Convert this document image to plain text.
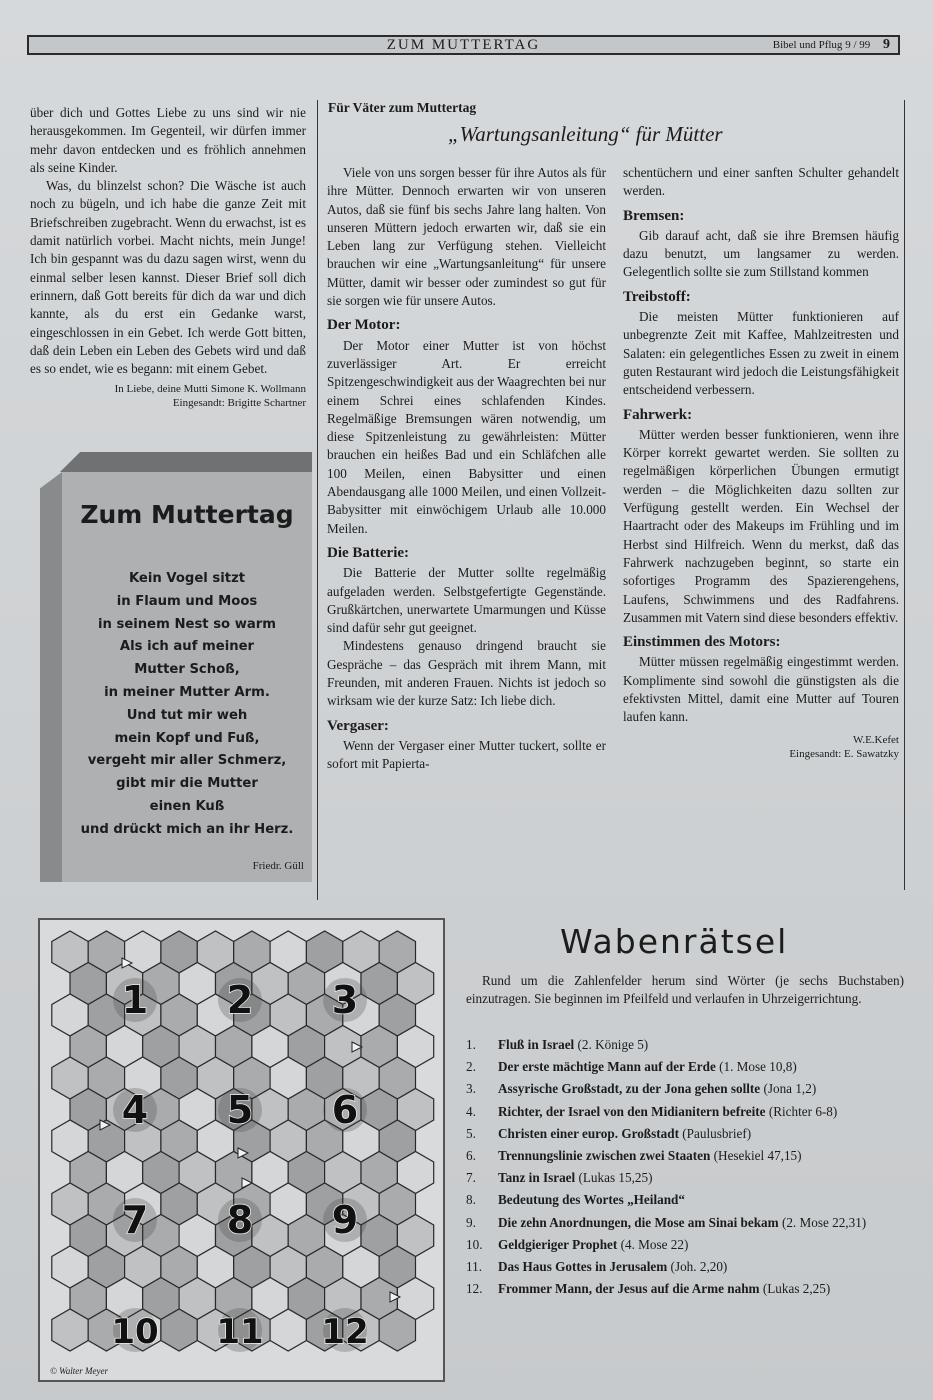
ZUM MUTTERTAG	Bibel und Pflug 9 / 99 9

über dich und Gottes Liebe zu uns sind wir nie herausgekommen. Im Gegenteil, wir dürfen immer mehr davon entdecken und es fröhlich annehmen als seine Kinder.

Was, du blinzelst schon? Die Wäsche ist auch noch zu bügeln, und ich habe die ganze Zeit mit Briefschreiben zugebracht. Wenn du erwachst, ist es damit natürlich vorbei. Macht nichts, mein Junge! Ich bin gespannt was du dazu sagen wirst, wenn du einmal selber lesen kannst. Dieser Brief soll dich erinnern, daß Gott bereits für dich da war und dich kannte, als du erst ein Gedanke warst, eingeschlossen in ein Gebet. Ich werde Gott bitten, daß dein Leben ein Leben des Gebets wird und daß es so endet, wie es begann: mit einem Gebet.

In Liebe, deine Mutti Simone K. Wollmann
Eingesandt: Brigitte Schartner
Zum Muttertag
Kein Vogel sitzt
in Flaum und Moos
in seinem Nest so warm
Als ich auf meiner
Mutter Schoß,
in meiner Mutter Arm.
Und tut mir weh
mein Kopf und Fuß,
vergeht mir aller Schmerz,
gibt mir die Mutter
einen Kuß
und drückt mich an ihr Herz.
Friedr. Güll
Für Väter zum Muttertag
„Wartungsanleitung“ für Mütter

Viele von uns sorgen besser für ihre Autos als für ihre Mütter. Dennoch erwarten wir von unseren Autos, daß sie fünf bis sechs Jahre lang halten. Von unseren Müttern jedoch erwarten wir, daß sie ein Leben lang zur Verfügung stehen. Vielleicht brauchen wir eine „Wartungsanleitung“ für unsere Mütter, damit wir besser oder zumindest so gut für sie sorgen wie für unsere Autos.

Der Motor:

Der Motor einer Mutter ist von höchst zuverlässiger Art. Er erreicht Spitzengeschwindigkeit aus der Waagrechten bei nur einem Schrei eines schlafenden Kindes. Regelmäßige Bremsungen wären notwendig, um diese Spitzenleistung zu gewährleisten: Mütter brauchen ein heißes Bad und ein Schläfchen alle 100 Meilen, einen Babysitter und einen Abendausgang alle 1000 Meilen, und einen Vollzeit-Babysitter mit einwöchigem Urlaub alle 10.000 Meilen.

Die Batterie:

Die Batterie der Mutter sollte regelmäßig aufgeladen werden. Selbstgefertigte Gegenstände. Grußkärtchen, unerwartete Umarmungen und Küsse sind dafür sehr gut geeignet.

Mindestens genauso dringend braucht sie Gespräche – das Gespräch mit ihrem Mann, mit Freunden, mit anderen Frauen. Nichts ist jedoch so wirksam wie der kurze Satz: Ich liebe dich.

Vergaser:

Wenn der Vergaser einer Mutter tuckert, sollte er sofort mit Papierta-

schentüchern und einer sanften Schulter gehandelt werden.

Bremsen:

Gib darauf acht, daß sie ihre Bremsen häufig dazu benutzt, um langsamer zu werden. Gelegentlich sollte sie zum Stillstand kommen

Treibstoff:

Die meisten Mütter funktionieren auf unbegrenzte Zeit mit Kaffee, Mahlzeitresten und Salaten: ein gelegentliches Essen zu zweit in einem guten Restaurant wird jedoch die Leistungsfähigkeit entscheidend verbessern.

Fahrwerk:

Mütter werden besser funktionieren, wenn ihre Körper korrekt gewartet werden. Sie sollten zu regelmäßigen körperlichen Übungen ermutigt werden – die Möglichkeiten dazu sollten zur Verfügung gestellt werden. Ein Wechsel der Haartracht oder des Makeups im Frühling und im Herbst sind Hilfreich. Wenn du merkst, daß das Fahrwerk nachzugeben beginnt, so starte ein sofortiges Programm des Spazierengehens, Laufens, Schwimmens und des Radfahrens. Zusammen mit Vatern sind diese besonders effektiv.

Einstimmen des Motors:

Mütter müssen regelmäßig eingestimmt werden. Komplimente sind sowohl die günstigsten als die efektivsten Mittel, damit eine Mutter auf Touren laufen kann.

W.E.Kefet
Eingesandt: E. Sawatzky
1 2 3
4 5 6
7 8 9
10 11 12
© Walter Meyer
Wabenrätsel

Rund um die Zahlenfelder herum sind Wörter (je sechs Buchstaben) einzutragen. Sie beginnen im Pfeilfeld und verlaufen in Uhrzeigerrichtung.

1.	Fluß in Israel (2. Könige 5)
2.	Der erste mächtige Mann auf der Erde (1. Mose 10,8)
3.	Assyrische Großstadt, zu der Jona gehen sollte (Jona 1,2)
4.	Richter, der Israel von den Midianitern befreite (Richter 6-8)
5.	Christen einer europ. Großstadt (Paulusbrief)
6.	Trennungslinie zwischen zwei Staaten (Hesekiel 47,15)
7.	Tanz in Israel (Lukas 15,25)
8.	Bedeutung des Wortes „Heiland“
9.	Die zehn Anordnungen, die Mose am Sinai bekam (2. Mose 22,31)
10.	Geldgieriger Prophet (4. Mose 22)
11.	Das Haus Gottes in Jerusalem (Joh. 2,20)
12.	Frommer Mann, der Jesus auf die Arme nahm (Lukas 2,25)
